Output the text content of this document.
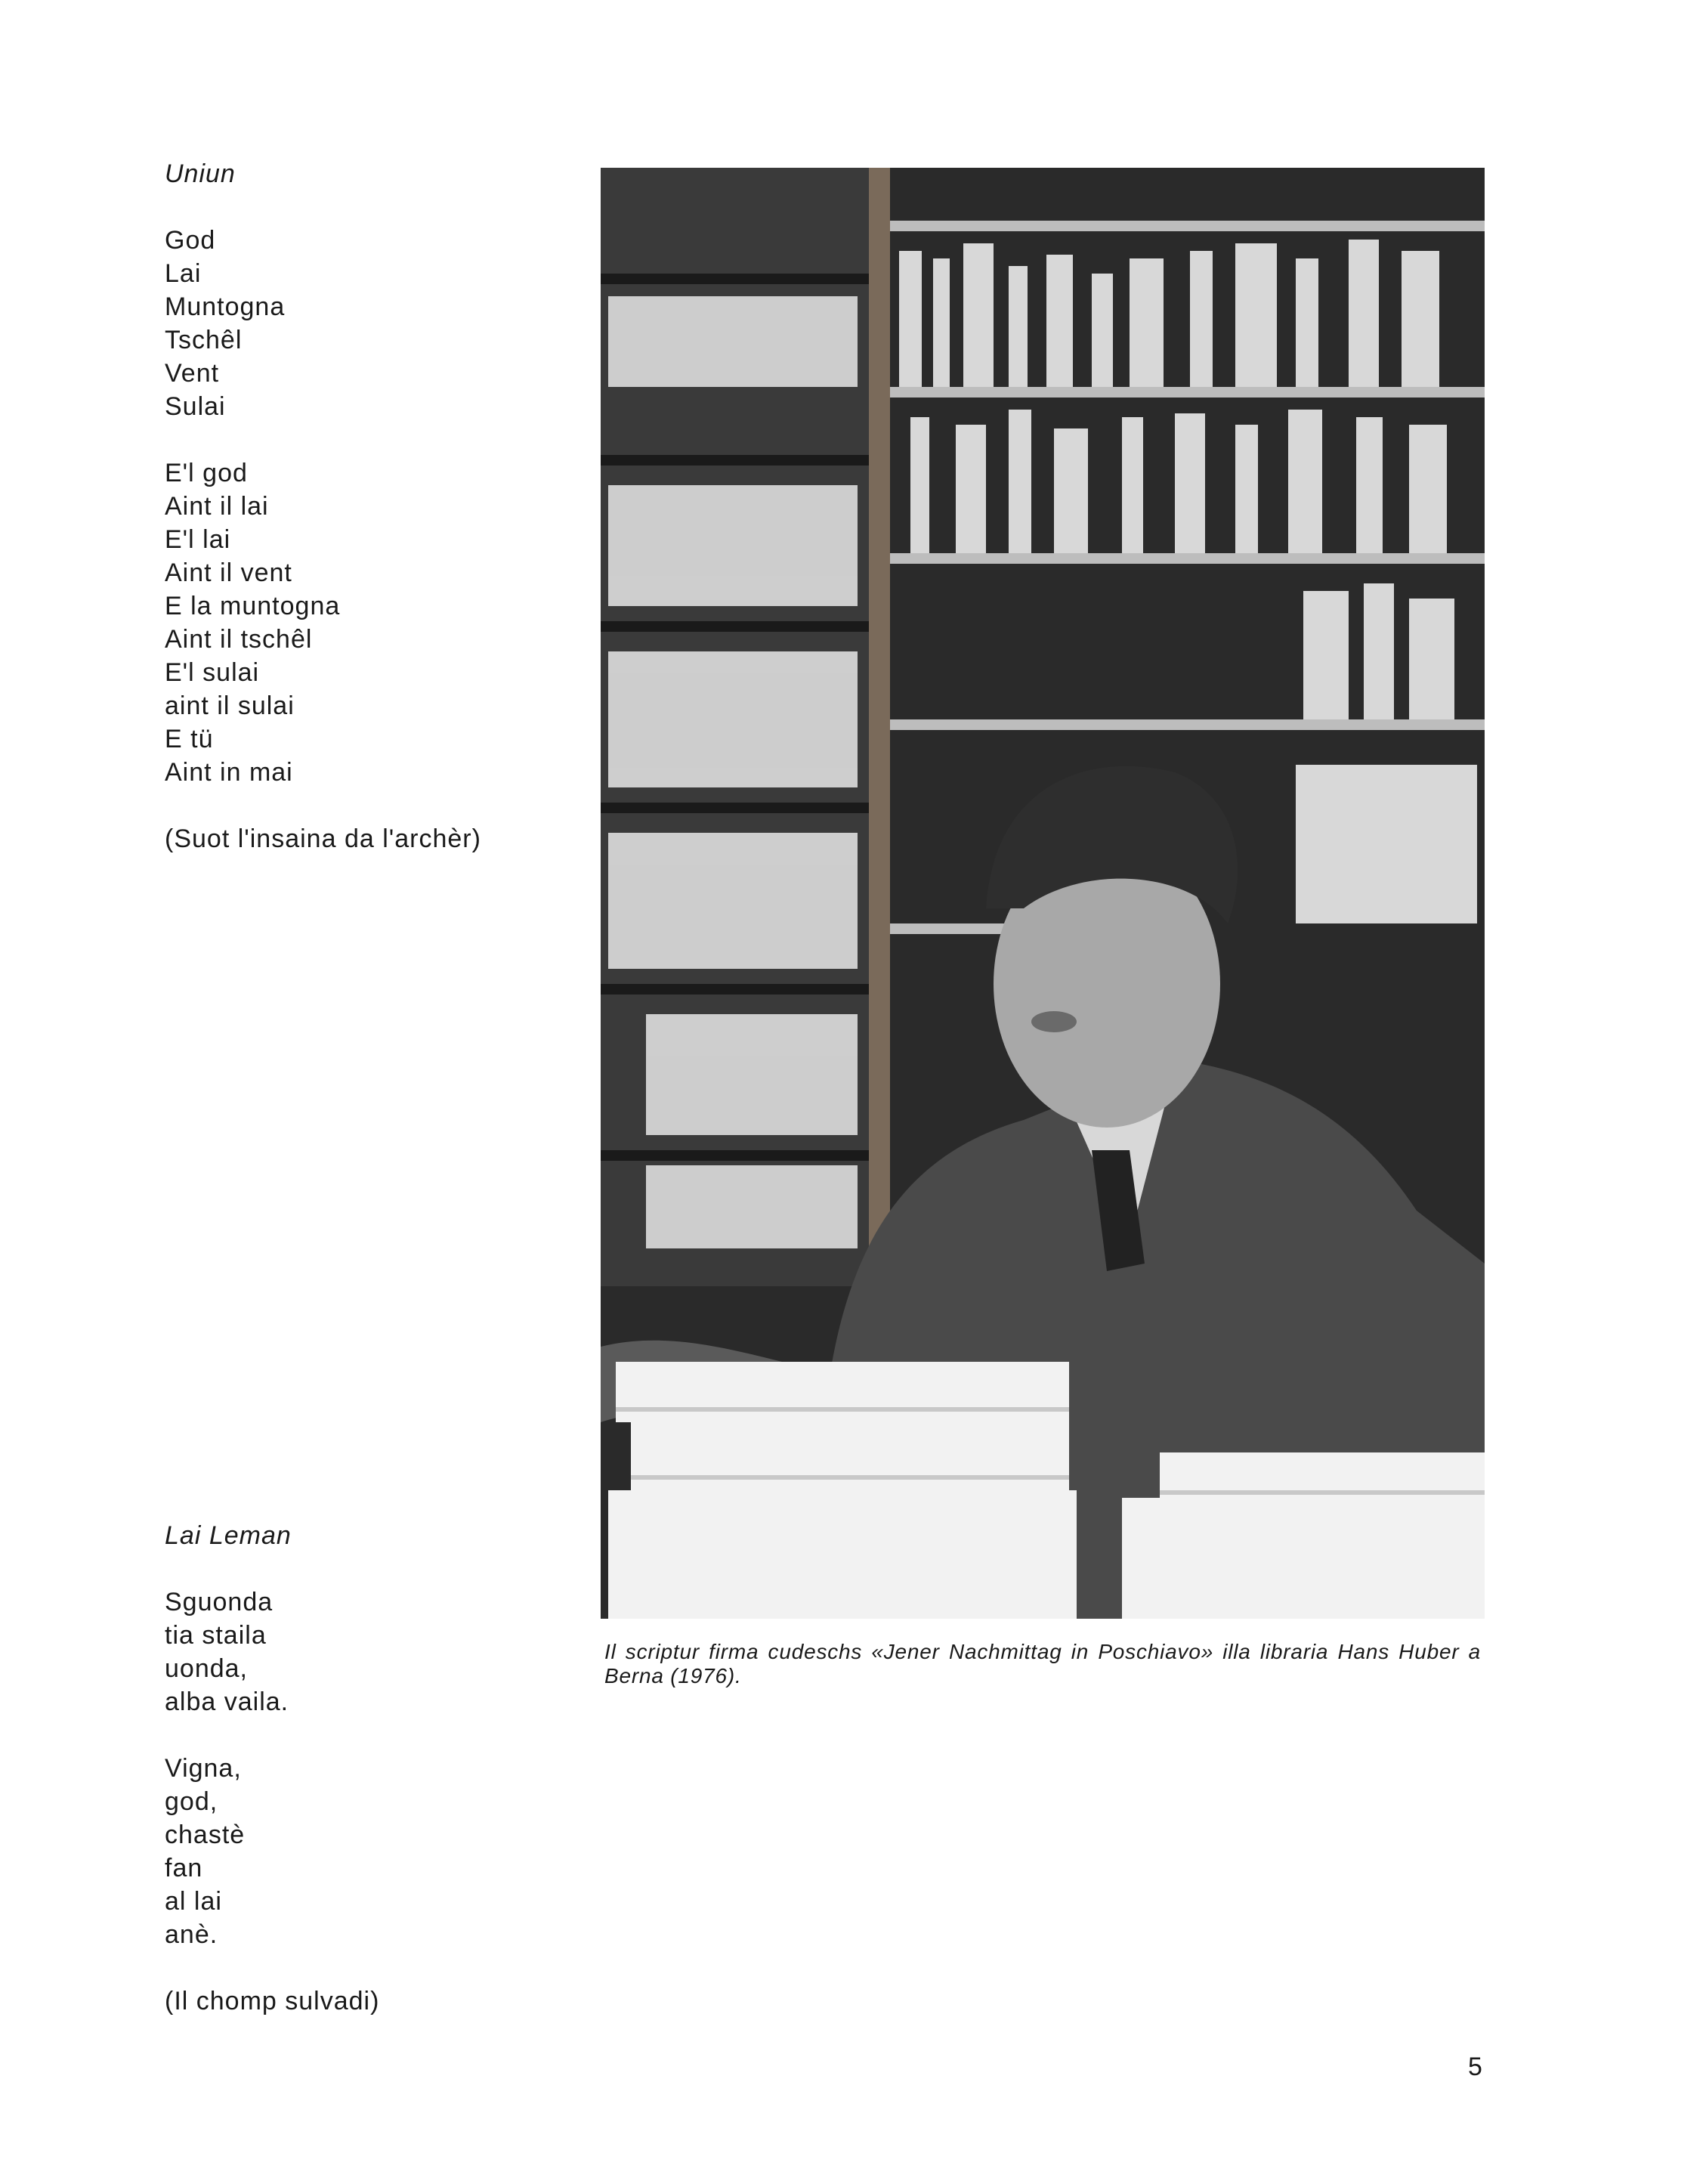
Uniun
God
Lai
Muntogna
Tschêl
Vent
Sulai
E'l god
Aint il lai
E'l lai
Aint il vent
E la muntogna
Aint il tschêl
E'l sulai
aint il sulai
E tü
Aint in mai
(Suot l'insaina da l'archèr)
Lai Leman
Sguonda
tia staila
uonda,
alba vaila.
Vigna,
god,
chastè
fan
al lai
anè.
(Il chomp sulvadi)
Il scriptur firma cudeschs «Jener Nachmittag in Poschiavo» illa libraria Hans Huber a Berna (1976).
5
